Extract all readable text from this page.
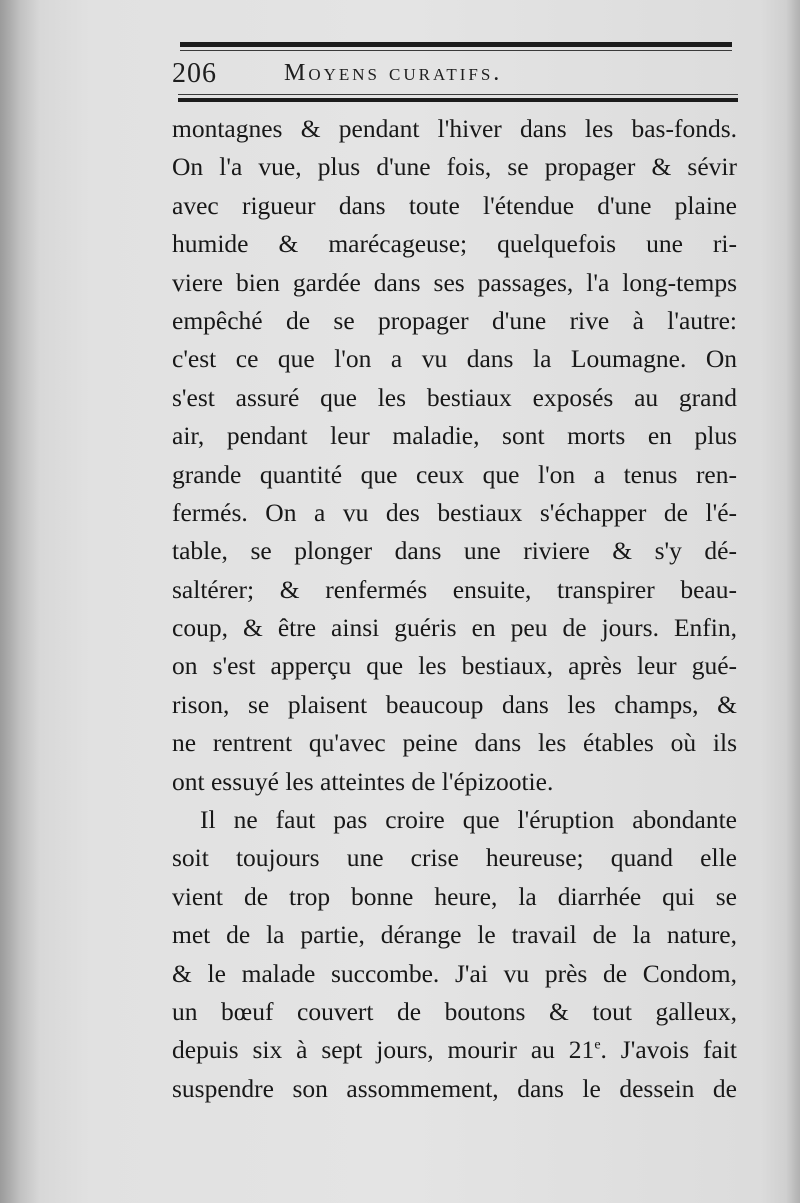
206	Moyens curatifs.
montagnes & pendant l'hiver dans les bas-fonds.
On l'a vue, plus d'une fois, se propager & sévir
avec rigueur dans toute l'étendue d'une plaine
humide & marécageuse; quelquefois une ri-
viere bien gardée dans ses passages, l'a long-temps
empêché de se propager d'une rive à l'autre:
c'est ce que l'on a vu dans la Loumagne. On
s'est assuré que les bestiaux exposés au grand
air, pendant leur maladie, sont morts en plus
grande quantité que ceux que l'on a tenus ren-
fermés. On a vu des bestiaux s'échapper de l'é-
table, se plonger dans une riviere & s'y dé-
saltérer; & renfermés ensuite, transpirer beau-
coup, & être ainsi guéris en peu de jours. Enfin,
on s'est apperçu que les bestiaux, après leur gué-
rison, se plaisent beaucoup dans les champs, &
ne rentrent qu'avec peine dans les étables où ils
ont essuyé les atteintes de l'épizootie.
Il ne faut pas croire que l'éruption abondante
soit toujours une crise heureuse; quand elle
vient de trop bonne heure, la diarrhée qui se
met de la partie, dérange le travail de la nature,
& le malade succombe. J'ai vu près de Condom,
un bœuf couvert de boutons & tout galleux,
depuis six à sept jours, mourir au 21e. J'avois fait
suspendre son assommement, dans le dessein de
